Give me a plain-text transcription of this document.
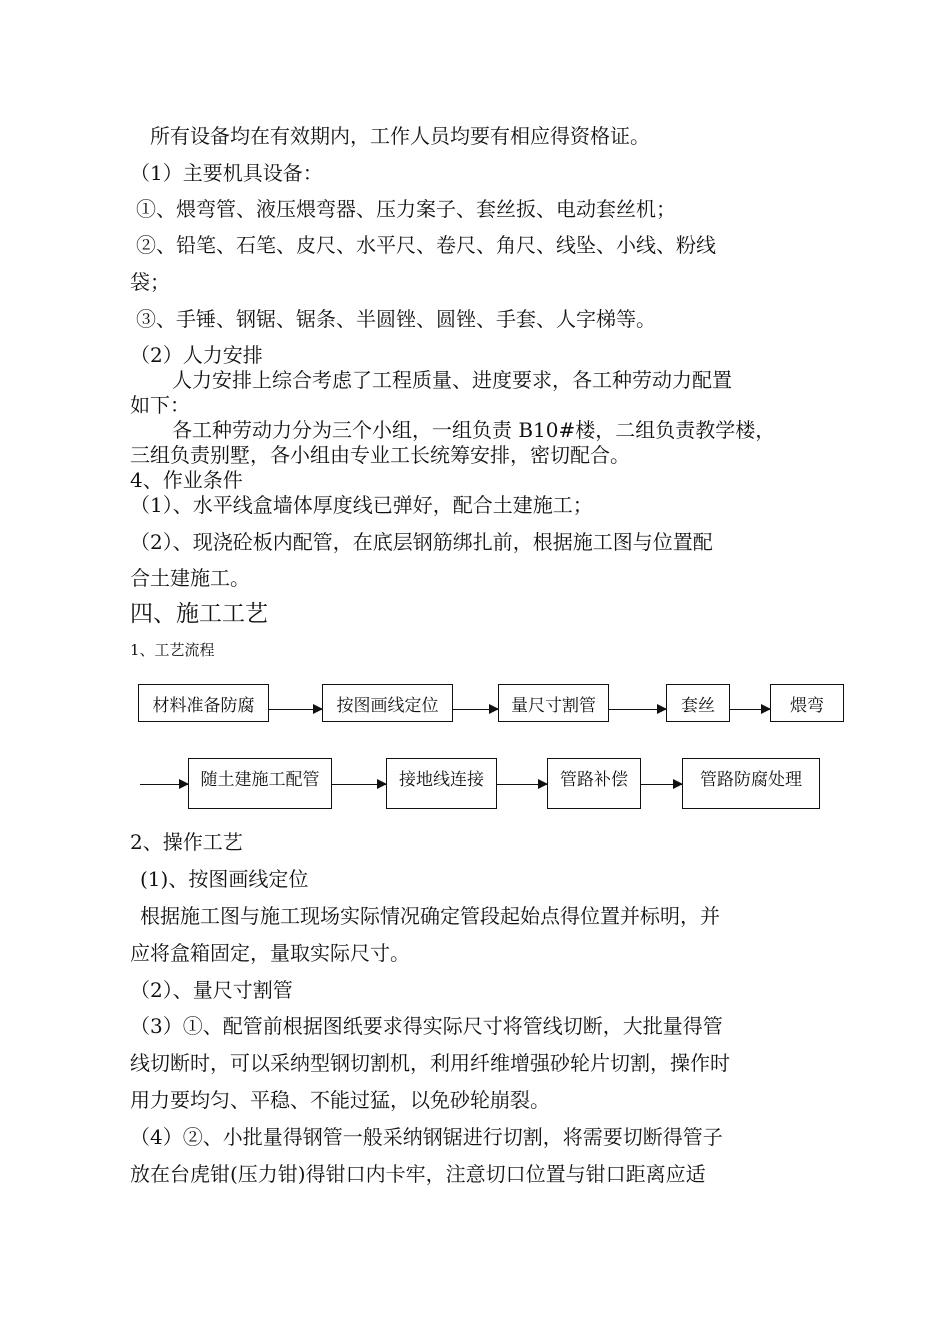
所有设备均在有效期内，工作人员均要有相应得资格证。
（1）主要机具设备：
①、煨弯管、液压煨弯器、压力案子、套丝扳、电动套丝机；
②、铅笔、石笔、皮尺、水平尺、卷尺、角尺、线坠、小线、粉线
袋；
③、手锤、钢锯、锯条、半圆锉、圆锉、手套、人字梯等。
（2）人力安排
人力安排上综合考虑了工程质量、进度要求，各工种劳动力配置
如下：
各工种劳动力分为三个小组，一组负责 B10#楼，二组负责教学楼，
三组负责别墅，各小组由专业工长统筹安排，密切配合。
4、作业条件
（1）、水平线盒墙体厚度线已弹好，配合土建施工；
（2）、现浇砼板内配管，在底层钢筋绑扎前，根据施工图与位置配
合土建施工。
四、施工工艺
1、工艺流程
材料准备防腐	按图画线定位	量尺寸割管	套丝	煨弯
随土建施工配管	接地线连接	管路补偿	管路防腐处理
2、操作工艺
(1)、按图画线定位
根据施工图与施工现场实际情况确定管段起始点得位置并标明，并
应将盒箱固定，量取实际尺寸。
（2）、量尺寸割管
（3）①、配管前根据图纸要求得实际尺寸将管线切断，大批量得管
线切断时，可以采纳型钢切割机，利用纤维增强砂轮片切割，操作时
用力要均匀、平稳、不能过猛，以免砂轮崩裂。
（4）②、小批量得钢管一般采纳钢锯进行切割，将需要切断得管子
放在台虎钳(压力钳)得钳口内卡牢，注意切口位置与钳口距离应适
